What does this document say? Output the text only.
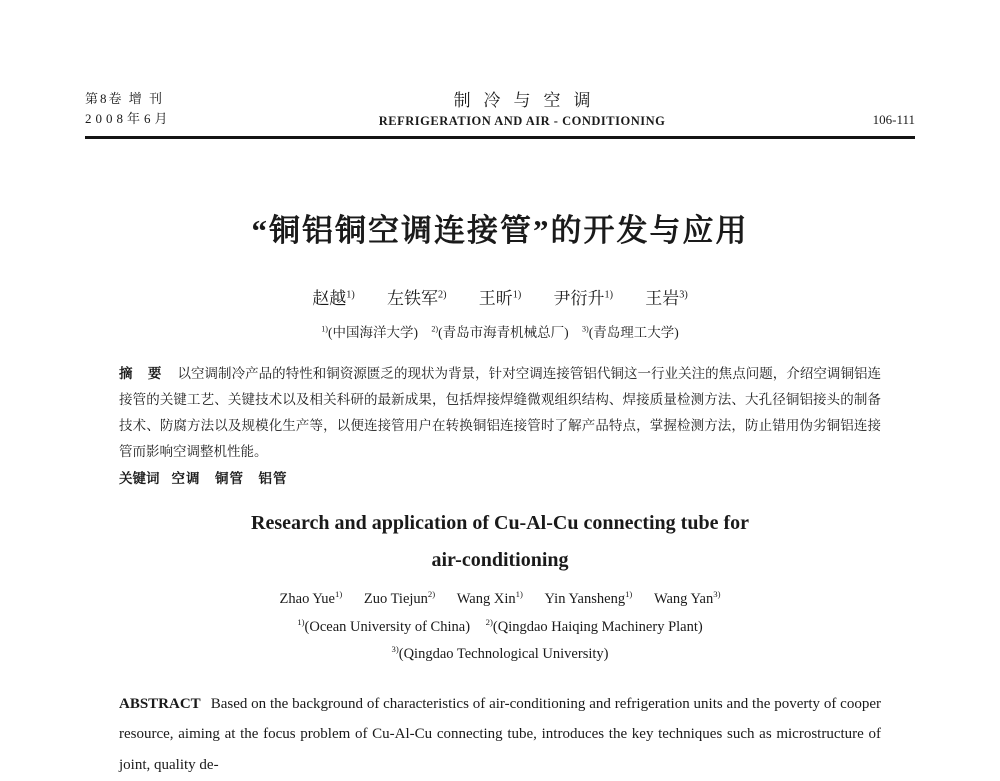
第8卷 增 刊
2008年6月
制冷与空调
REFRIGERATION AND AIR - CONDITIONING	106-111
“铜铝铜空调连接管”的开发与应用
赵越$^{1)}$ 左铁军$^{2)}$ 王昕$^{1)}$ 尹衍升$^{1)}$ 王岩$^{3)}$
$^{1)}$(中国海洋大学) $^{2)}$(青岛市海青机械总厂) $^{3)}$(青岛理工大学)

摘 要 以空调制冷产品的特性和铜资源匮乏的现状为背景，针对空调连接管铝代铜这一行业关注的焦点问题，介绍空调铜铝连接管的关键工艺、关键技术以及相关科研的最新成果，包括焊接焊缝微观组织结构、焊接质量检测方法、大孔径铜铝接头的制备技术、防腐方法以及规模化生产等，以便连接管用户在转换铜铝连接管时了解产品特点，掌握检测方法，防止错用伪劣铜铝连接管而影响空调整机性能。

关键词 空调　铜管　铝管

Research and application of Cu-Al-Cu connecting tube for
air-conditioning
Zhao Yue$^{1)}$ Zuo Tiejun$^{2)}$ Wang Xin$^{1)}$ Yin Yansheng$^{1)}$ Wang Yan$^{3)}$
$^{1)}$(Ocean University of China) $^{2)}$(Qingdao Haiqing Machinery Plant)
$^{3)}$(Qingdao Technological University)

ABSTRACT Based on the background of characteristics of air-conditioning and refrigeration units and the poverty of cooper resource, aiming at the focus problem of Cu-Al-Cu connecting tube, introduces the key techniques such as microstructure of joint, quality de-
